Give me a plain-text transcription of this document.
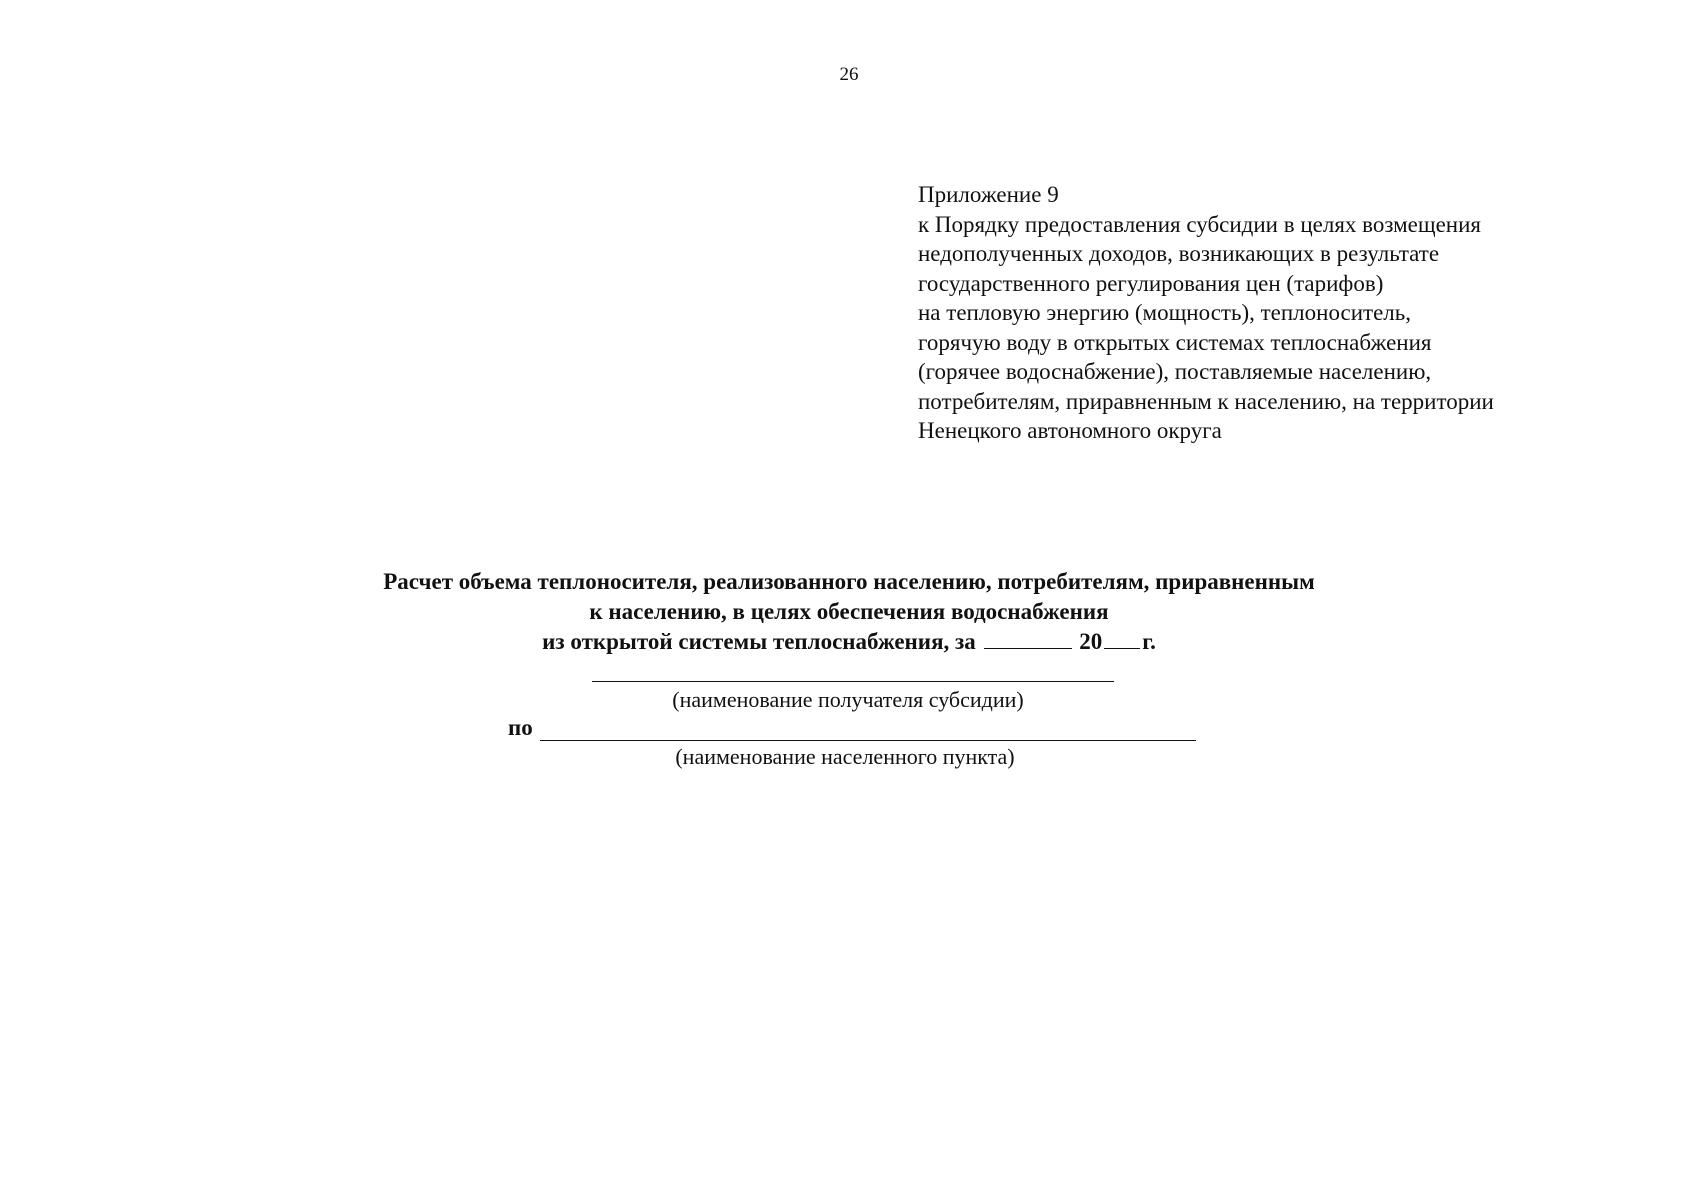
26
Приложение 9
к Порядку предоставления субсидии в целях возмещения
недополученных доходов, возникающих в результате
государственного регулирования цен (тарифов)
на тепловую энергию (мощность), теплоноситель,
горячую воду в открытых системах теплоснабжения
(горячее водоснабжение), поставляемые населению,
потребителям, приравненным к населению, на территории
Ненецкого автономного округа
Расчет объема теплоносителя, реализованного населению, потребителям, приравненным
к населению, в целях обеспечения водоснабжения
из открытой системы теплоснабжения, за	20 г.
(наименование получателя субсидии)
по
(наименование населенного пункта)
